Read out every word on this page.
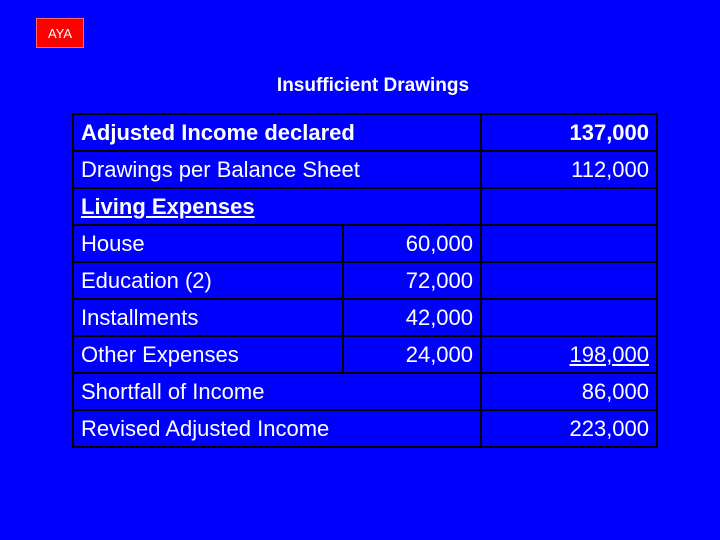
AYA
Insufficient Drawings
Adjusted Income declared		137,000
Drawings per Balance Sheet		112,000
Living Expenses		
House	60,000	
Education (2)	72,000	
Installments	42,000	
Other Expenses	24,000	198,000
Shortfall of Income		86,000
Revised Adjusted Income		223,000
